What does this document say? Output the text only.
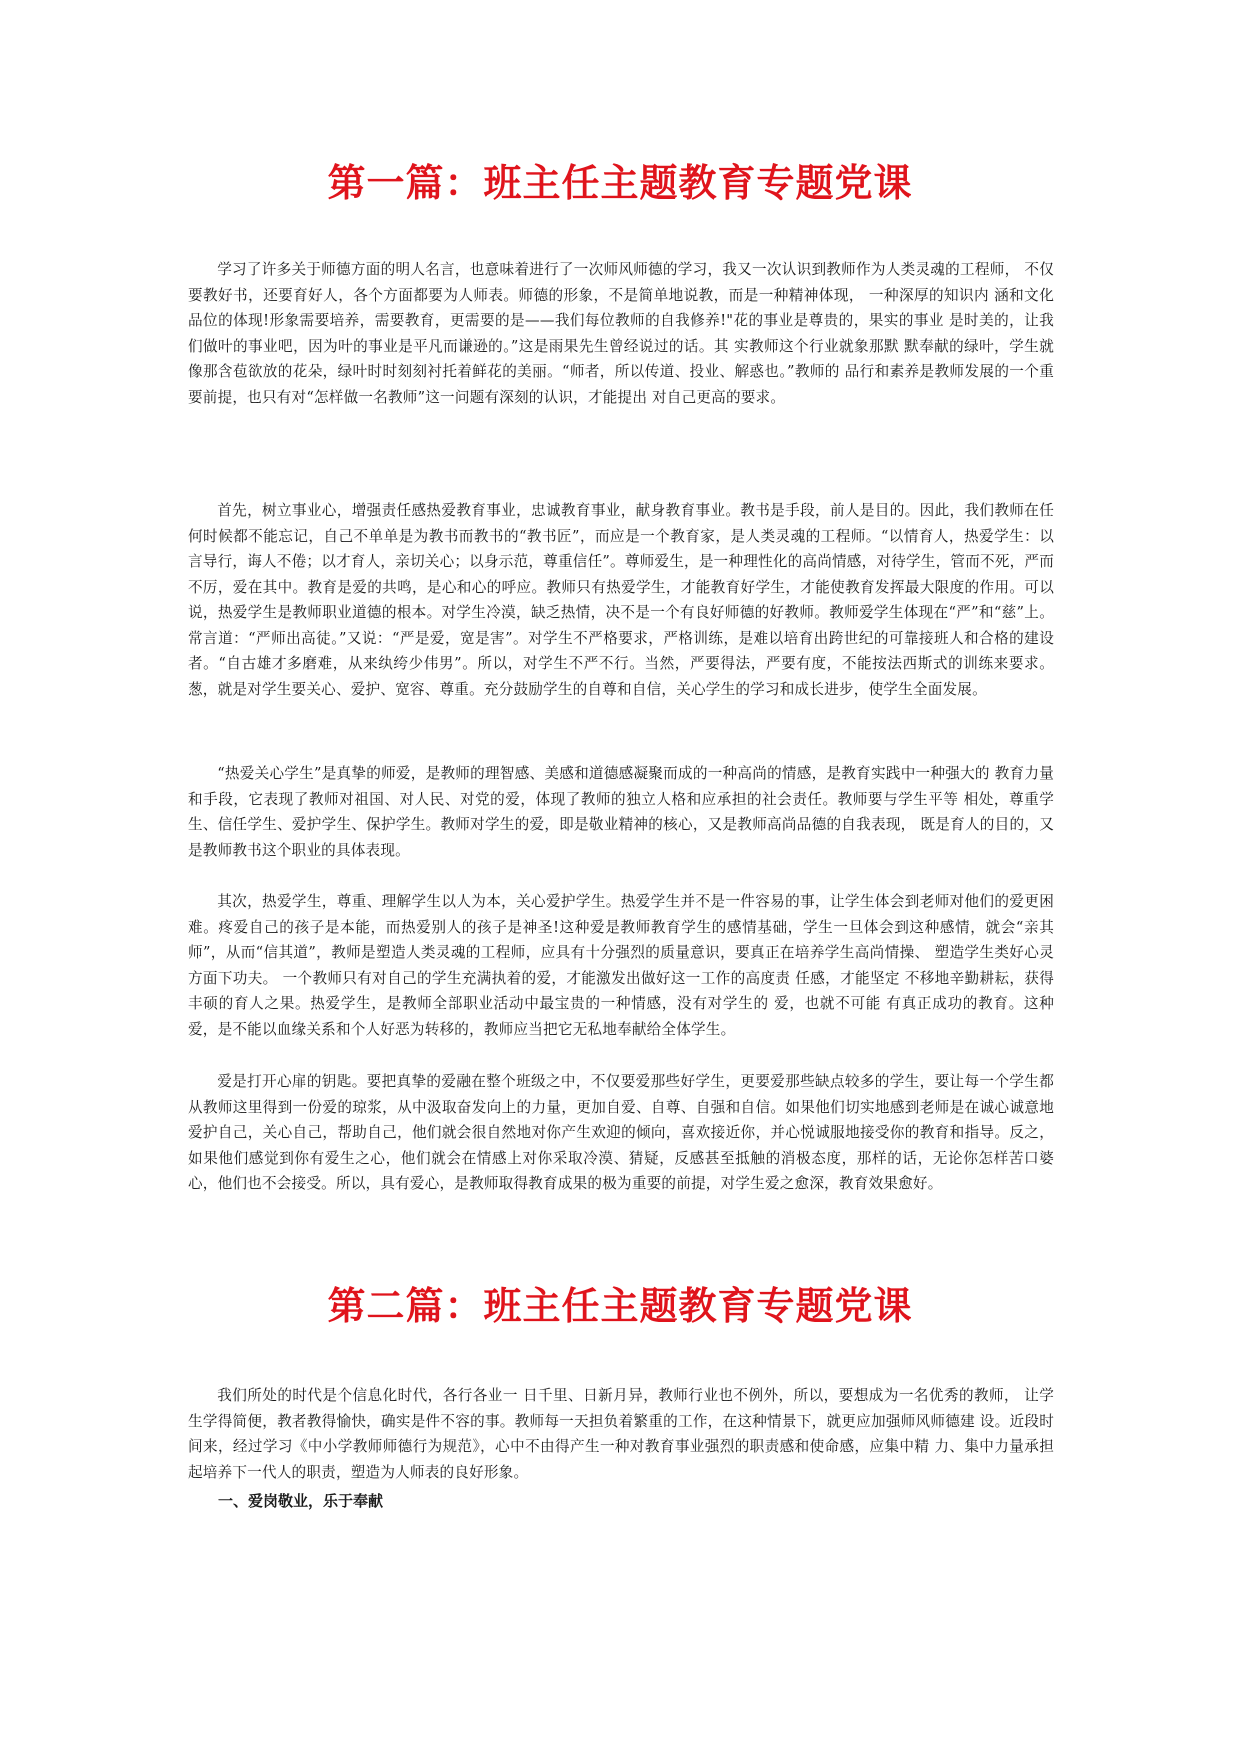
第一篇：班主任主题教育专题党课

学习了许多关于师德方面的明人名言，也意味着进行了一次师风师德的学习，我又一次认识到教师作为人类灵魂的工程师， 不仅要教好书，还要育好人，各个方面都要为人师表。师德的形象，不是简单地说教，而是一种精神体现， 一种深厚的知识内 涵和文化品位的体现!形象需要培养，需要教育，更需要的是——我们每位教师的自我修养!"花的事业是尊贵的，果实的事业 是时美的，让我们做叶的事业吧，因为叶的事业是平凡而谦逊的。”这是雨果先生曾经说过的话。其 实教师这个行业就象那默 默奉献的绿叶，学生就像那含苞欲放的花朵，绿叶时时刻刻衬托着鲜花的美丽。“师者，所以传道、投业、解惑也。”教师的 品行和素养是教师发展的一个重要前提，也只有对“怎样做一名教师”这一问题有深刻的认识，才能提出 对自己更高的要求。

首先，树立事业心，增强责任感热爱教育事业，忠诚教育事业，献身教育事业。教书是手段，前人是目的。因此，我们教师在任何时候都不能忘记，自己不单单是为教书而教书的“教书匠”，而应是一个教育家，是人类灵魂的工程师。“以情育人，热爱学生：以言导行，诲人不倦；以才育人，亲切关心；以身示范，尊重信任”。尊师爱生，是一种理性化的高尚情感，对待学生，管而不死，严而不厉，爱在其中。教育是爱的共鸣，是心和心的呼应。教师只有热爱学生，才能教育好学生，才能使教育发挥最大限度的作用。可以说，热爱学生是教师职业道德的根本。对学生冷漠，缺乏热情，决不是一个有良好师德的好教师。教师爱学生体现在“严”和“慈”上。常言道：“严师出高徒。”又说：“严是爱，宽是害”。对学生不严格要求，严格训练，是难以培育出跨世纪的可靠接班人和合格的建设者。“自古雄才多磨难，从来纨绔少伟男”。所以，对学生不严不行。当然，严要得法，严要有度，不能按法西斯式的训练来要求。葱，就是对学生要关心、爱护、宽容、尊重。充分鼓励学生的自尊和自信，关心学生的学习和成长进步，使学生全面发展。

“热爱关心学生”是真挚的师爱，是教师的理智感、美感和道德感凝聚而成的一种高尚的情感，是教育实践中一种强大的 教育力量和手段，它表现了教师对祖国、对人民、对党的爱，体现了教师的独立人格和应承担的社会责任。教师要与学生平等 相处，尊重学生、信任学生、爱护学生、保护学生。教师对学生的爱，即是敬业精神的核心，又是教师高尚品德的自我表现， 既是育人的目的，又是教师教书这个职业的具体表现。

其次，热爱学生，尊重、理解学生以人为本，关心爱护学生。热爱学生并不是一件容易的事，让学生体会到老师对他们的爱更困难。疼爱自己的孩子是本能，而热爱别人的孩子是神圣!这种爱是教师教育学生的感情基础，学生一旦体会到这种感情，就会“亲其师”，从而“信其道”，教师是塑造人类灵魂的工程师，应具有十分强烈的质量意识，要真正在培养学生高尚情操、 塑造学生类好心灵方面下功夫。 一个教师只有对自己的学生充满执着的爱，才能激发出做好这一工作的高度责 任感，才能坚定 不移地辛勤耕耘，获得丰硕的育人之果。热爱学生，是教师全部职业活动中最宝贵的一种情感，没有对学生的 爱，也就不可能 有真正成功的教育。这种爱，是不能以血缘关系和个人好恶为转移的，教师应当把它无私地奉献给全体学生。

爱是打开心扉的钥匙。要把真挚的爱融在整个班级之中，不仅要爱那些好学生，更要爱那些缺点较多的学生，要让每一个学生都从教师这里得到一份爱的琼浆，从中汲取奋发向上的力量，更加自爱、自尊、自强和自信。如果他们切实地感到老师是在诚心诚意地爱护自己，关心自己，帮助自己，他们就会很自然地对你产生欢迎的倾向，喜欢接近你，并心悦诚服地接受你的教育和指导。反之，如果他们感觉到你有爱生之心，他们就会在情感上对你采取冷漠、猜疑，反感甚至抵触的消极态度，那样的话，无论你怎样苦口婆心，他们也不会接受。所以，具有爱心，是教师取得教育成果的极为重要的前提，对学生爱之愈深，教育效果愈好。

第二篇：班主任主题教育专题党课

我们所处的时代是个信息化时代，各行各业一 日千里、日新月异，教师行业也不例外，所以，要想成为一名优秀的教师， 让学生学得简便，教者教得愉快，确实是件不容的事。教师每一天担负着繁重的工作，在这种情景下，就更应加强师风师德建 设。近段时间来，经过学习《中小学教师师德行为规范》，心中不由得产生一种对教育事业强烈的职责感和使命感，应集中精 力、集中力量承担起培养下一代人的职责，塑造为人师表的良好形象。

一、爱岗敬业，乐于奉献
